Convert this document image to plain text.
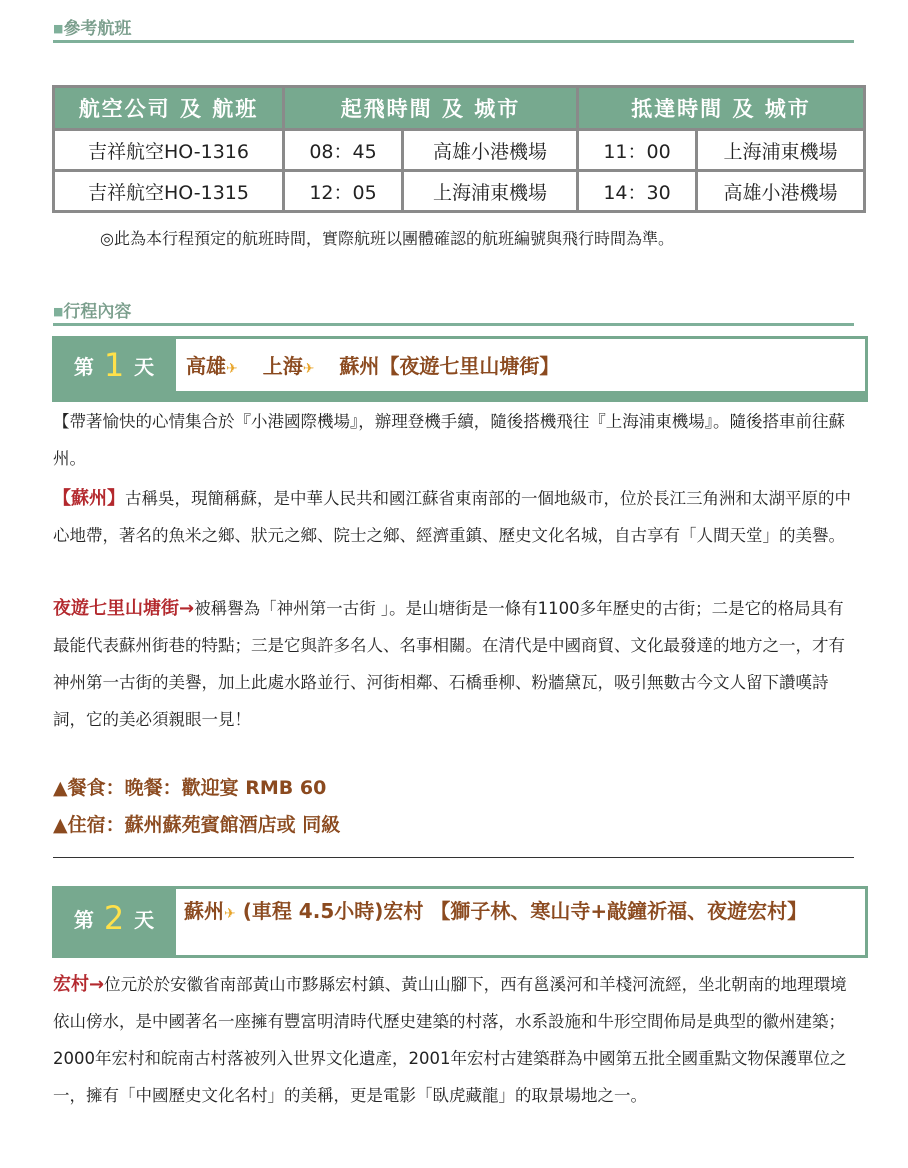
■參考航班
航空公司 及 航班	起飛時間 及 城市		抵達時間 及 城市	
吉祥航空HO-1316	08：45	高雄小港機場	11：00	上海浦東機場
吉祥航空HO-1315	12：05	上海浦東機場	14：30	高雄小港機場
◎此為本行程預定的航班時間，實際航班以團體確認的航班編號與飛行時間為準。
■行程內容
第 1 天	高雄✈ 上海✈ 蘇州【夜遊七里山塘街】
【帶著愉快的心情集合於『小港國際機場』，辦理登機手續，隨後搭機飛往『上海浦東機場』。隨後搭車前往蘇州。
【蘇州】古稱吳，現簡稱蘇，是中華人民共和國江蘇省東南部的一個地級市，位於長江三角洲和太湖平原的中心地帶，著名的魚米之鄉、狀元之鄉、院士之鄉、經濟重鎮、歷史文化名城，自古享有「人間天堂」的美譽。
夜遊七里山塘街→被稱譽為「神州第一古街 」。是山塘街是一條有1100多年歷史的古街；二是它的格局具有最能代表蘇州街巷的特點；三是它與許多名人、名事相關。在清代是中國商貿、文化最發達的地方之一，才有神州第一古街的美譽，加上此處水路並行、河街相鄰、石橋垂柳、粉牆黛瓦，吸引無數古今文人留下讚嘆詩詞，它的美必須親眼一見！
▲餐食：晚餐：歡迎宴 RMB 60
▲住宿：蘇州蘇苑賓館酒店或 同級
第 2 天	蘇州✈ (車程 4.5小時)宏村 【獅子林、寒山寺+敲鐘祈福、夜遊宏村】
宏村→位元於於安徽省南部黃山市黟縣宏村鎮、黃山山腳下，西有邕溪河和羊棧河流經，坐北朝南的地理環境依山傍水，是中國著名一座擁有豐富明清時代歷史建築的村落，水系設施和牛形空間佈局是典型的徽州建築；2000年宏村和皖南古村落被列入世界文化遺產，2001年宏村古建築群為中國第五批全國重點文物保護單位之一，擁有「中國歷史文化名村」的美稱，更是電影「臥虎藏龍」的取景場地之一。
